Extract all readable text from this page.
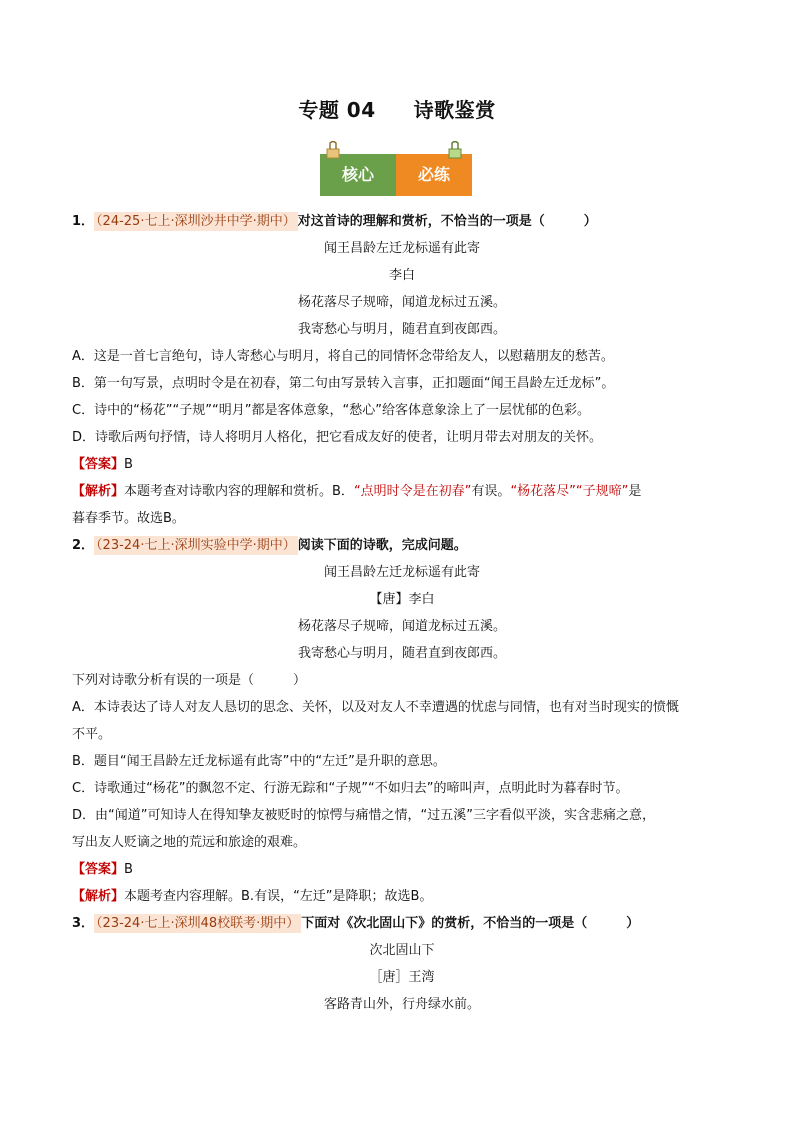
专题 04 诗歌鉴赏
核心	必练
1． （24-25·七上·深圳沙井中学·期中） 对这首诗的理解和赏析，不恰当的一项是（　　　）
闻王昌龄左迁龙标遥有此寄
李白
杨花落尽子规啼，闻道龙标过五溪。
我寄愁心与明月，随君直到夜郎西。
A．这是一首七言绝句，诗人寄愁心与明月，将自己的同情怀念带给友人，以慰藉朋友的愁苦。
B．第一句写景，点明时令是在初春，第二句由写景转入言事，正扣题面“闻王昌龄左迁龙标”。
C．诗中的“杨花”“子规”“明月”都是客体意象，“愁心”给客体意象涂上了一层忧郁的色彩。
D．诗歌后两句抒情，诗人将明月人格化，把它看成友好的使者，让明月带去对朋友的关怀。
【答案】B
【解析】本题考查对诗歌内容的理解和赏析。B．“点明时令是在初春”有误。“杨花落尽”“子规啼”是
暮春季节。故选B。
2． （23-24·七上·深圳实验中学·期中） 阅读下面的诗歌，完成问题。
闻王昌龄左迁龙标遥有此寄
【唐】李白
杨花落尽子规啼，闻道龙标过五溪。
我寄愁心与明月，随君直到夜郎西。
下列对诗歌分析有误的一项是（　　　）
A．本诗表达了诗人对友人恳切的思念、关怀，以及对友人不幸遭遇的忧虑与同情，也有对当时现实的愤慨
不平。
B．题目“闻王昌龄左迁龙标遥有此寄”中的“左迁”是升职的意思。
C．诗歌通过“杨花”的飘忽不定、行游无踪和“子规”“不如归去”的啼叫声，点明此时为暮春时节。
D．由“闻道”可知诗人在得知挚友被贬时的惊愕与痛惜之情，“过五溪”三字看似平淡，实含悲痛之意，
写出友人贬谪之地的荒远和旅途的艰难。
【答案】B
【解析】本题考查内容理解。B.有误，“左迁”是降职；故选B。
3． （23-24·七上·深圳48校联考·期中） 下面对《次北固山下》的赏析，不恰当的一项是（　　　）
次北固山下
［唐］王湾
客路青山外，行舟绿水前。
